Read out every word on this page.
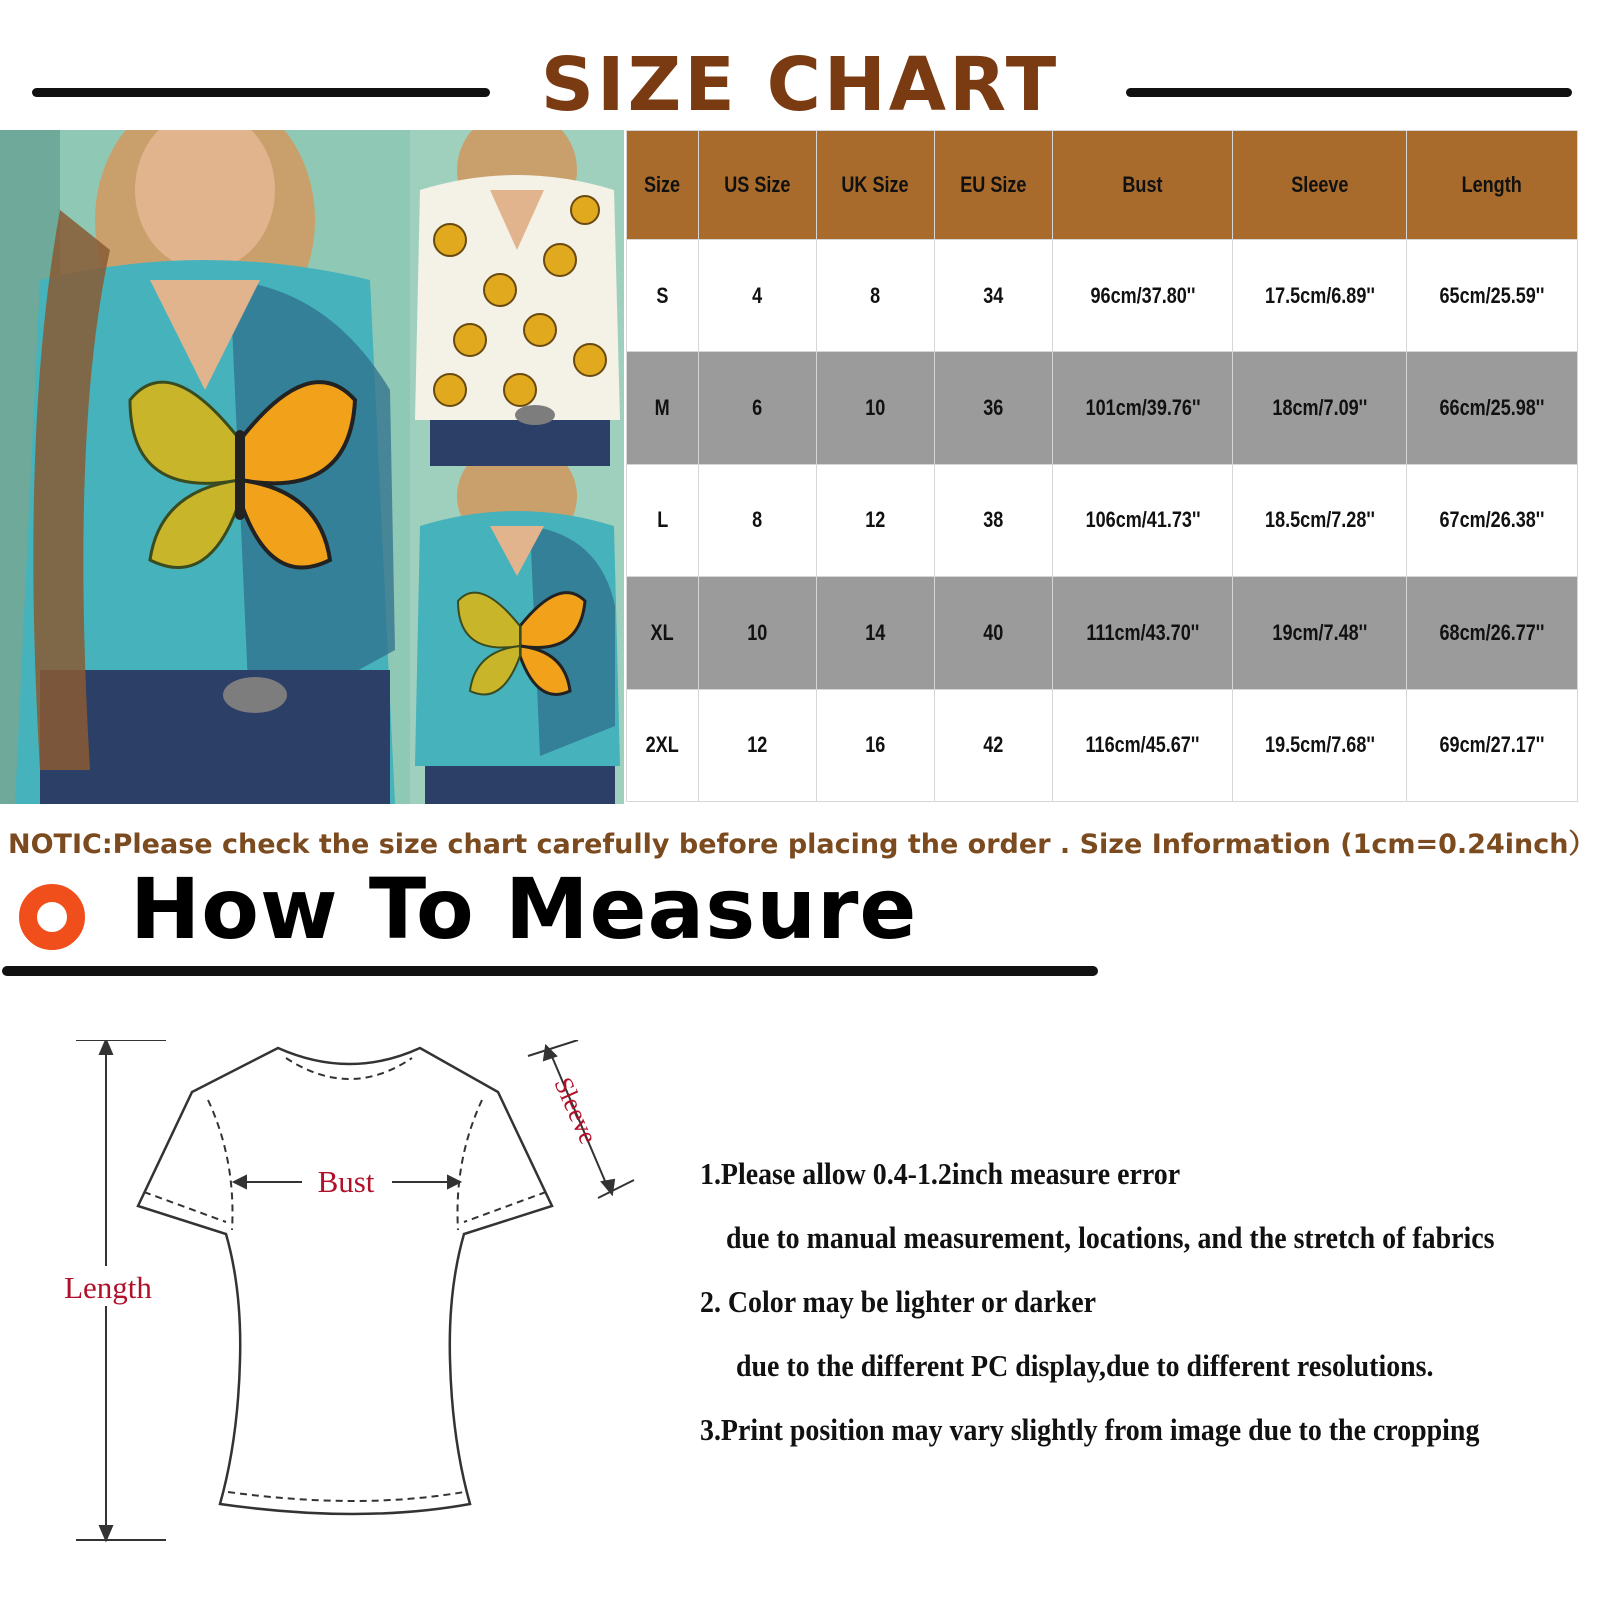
SIZE CHART
Size	US Size	UK Size	EU Size	Bust	Sleeve	Length
S	4	8	34	96cm/37.80''	17.5cm/6.89''	65cm/25.59''
M	6	10	36	101cm/39.76''	18cm/7.09''	66cm/25.98''
L	8	12	38	106cm/41.73''	18.5cm/7.28''	67cm/26.38''
XL	10	14	40	111cm/43.70''	19cm/7.48''	68cm/26.77''
2XL	12	16	42	116cm/45.67''	19.5cm/7.68''	69cm/27.17''
NOTIC:Please check the size chart carefully before placing the order . Size Information (1cm=0.24inch）
How To Measure
Length
Bust
Sleeve
1.Please allow 0.4-1.2inch measure error
due to manual measurement, locations, and the stretch of fabrics
2. Color may be lighter or darker
due to the different PC display,due to different resolutions.
3.Print position may vary slightly from image due to the cropping
